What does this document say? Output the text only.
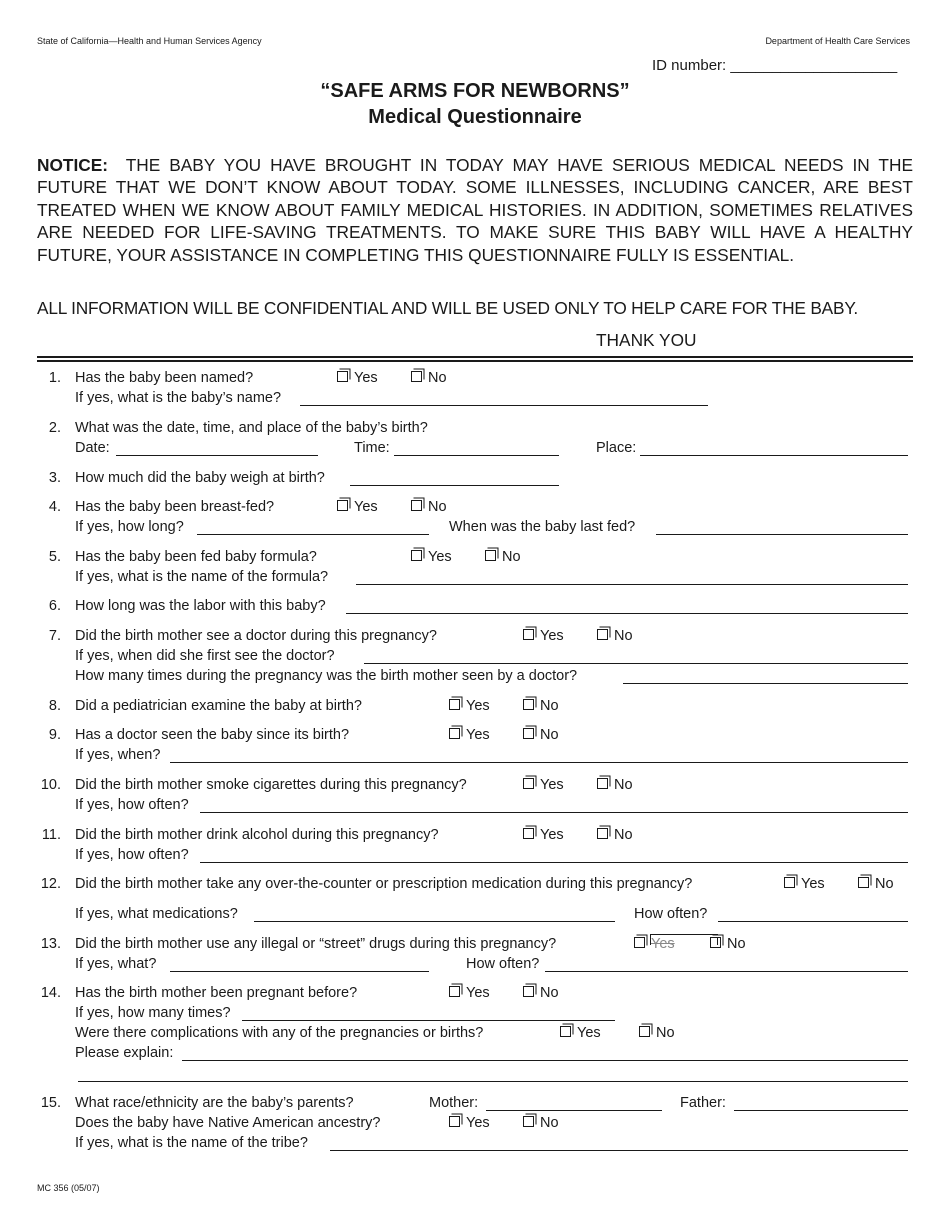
State of California—Health and Human Services Agency	Department of Health Care Services
ID number: ____________________
“SAFE ARMS FOR NEWBORNS”
Medical Questionnaire
NOTICE: THE BABY YOU HAVE BROUGHT IN TODAY MAY HAVE SERIOUS MEDICAL NEEDS IN THE FUTURE THAT WE DON’T KNOW ABOUT TODAY. SOME ILLNESSES, INCLUDING CANCER, ARE BEST TREATED WHEN WE KNOW ABOUT FAMILY MEDICAL HISTORIES. IN ADDITION, SOMETIMES RELATIVES ARE NEEDED FOR LIFE-SAVING TREATMENTS. TO MAKE SURE THIS BABY WILL HAVE A HEALTHY FUTURE, YOUR ASSISTANCE IN COMPLETING THIS QUESTIONNAIRE FULLY IS ESSENTIAL.
ALL INFORMATION WILL BE CONFIDENTIAL AND WILL BE USED ONLY TO HELP CARE FOR THE BABY.
THANK YOU
1. Has the baby been named?	Yes	No
If yes, what is the baby’s name?
2. What was the date, time, and place of the baby’s birth?
Date:	Time:	Place:
3. How much did the baby weigh at birth?
4. Has the baby been breast-fed?	Yes	No
If yes, how long?	When was the baby last fed?
5. Has the baby been fed baby formula?	Yes	No
If yes, what is the name of the formula?
6. How long was the labor with this baby?
7. Did the birth mother see a doctor during this pregnancy?	Yes	No
If yes, when did she first see the doctor?
How many times during the pregnancy was the birth mother seen by a doctor?
8. Did a pediatrician examine the baby at birth?	Yes	No
9. Has a doctor seen the baby since its birth?	Yes	No
If yes, when?
10. Did the birth mother smoke cigarettes during this pregnancy?	Yes	No
If yes, how often?
11. Did the birth mother drink alcohol during this pregnancy?	Yes	No
If yes, how often?
12. Did the birth mother take any over-the-counter or prescription medication during this pregnancy?	Yes	No
If yes, what medications?	How often?
13. Did the birth mother use any illegal or “street” drugs during this pregnancy?	Yes	No
If yes, what?	How often?
14. Has the birth mother been pregnant before?	Yes	No
If yes, how many times?
Were there complications with any of the pregnancies or births?	Yes	No
Please explain:
15. What race/ethnicity are the baby’s parents?	Mother:	Father:
Does the baby have Native American ancestry?	Yes	No
If yes, what is the name of the tribe?
MC 356 (05/07)
